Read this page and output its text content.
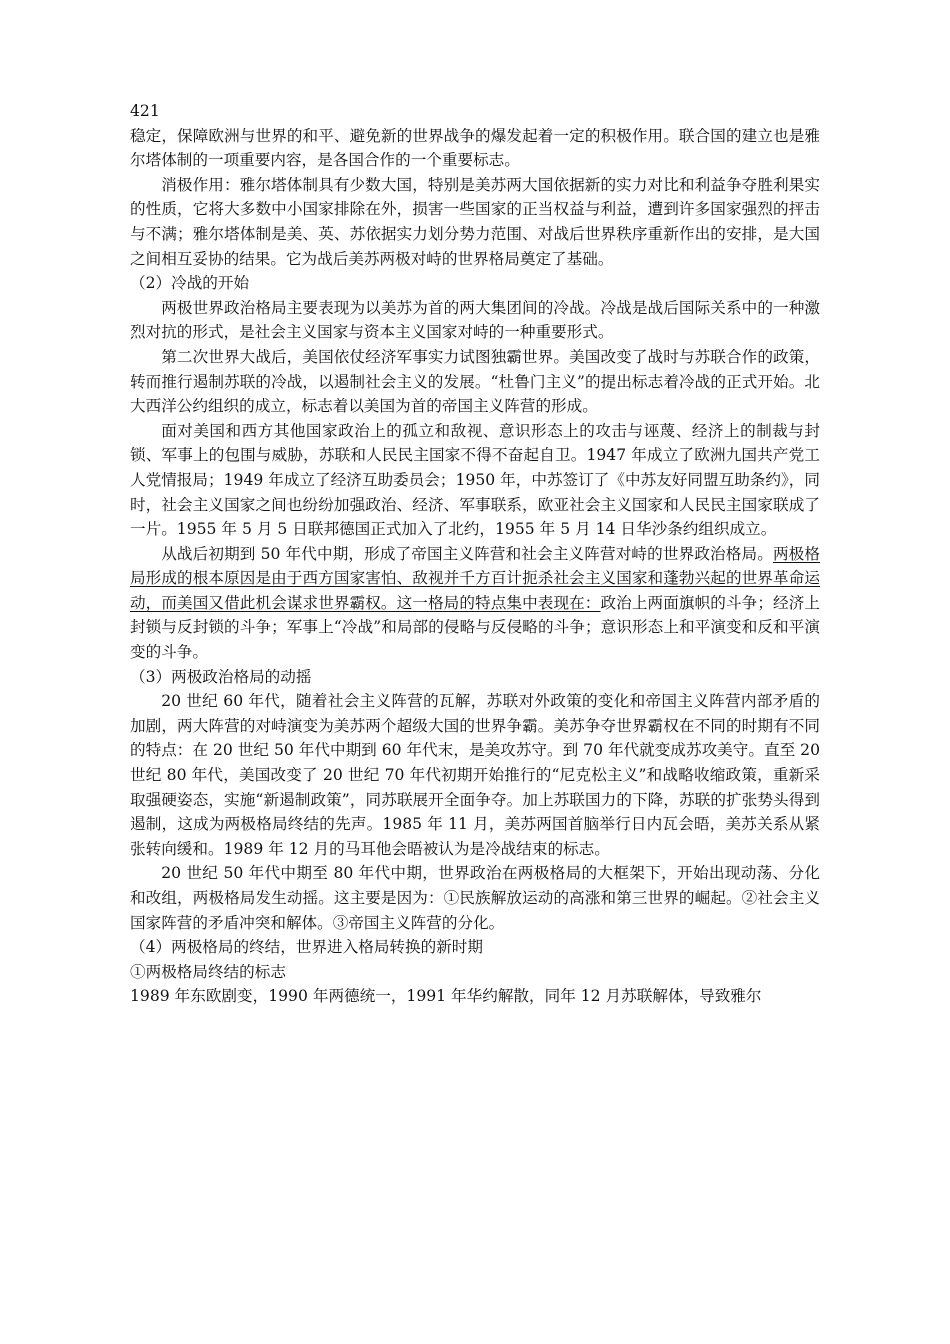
421

稳定，保障欧洲与世界的和平、避免新的世界战争的爆发起着一定的积极作用。联合国的建立也是雅尔塔体制的一项重要内容，是各国合作的一个重要标志。

消极作用：雅尔塔体制具有少数大国，特别是美苏两大国依据新的实力对比和利益争夺胜利果实的性质，它将大多数中小国家排除在外，损害一些国家的正当权益与利益，遭到许多国家强烈的抨击与不满；雅尔塔体制是美、英、苏依据实力划分势力范围、对战后世界秩序重新作出的安排，是大国之间相互妥协的结果。它为战后美苏两极对峙的世界格局奠定了基础。

（2）冷战的开始

两极世界政治格局主要表现为以美苏为首的两大集团间的冷战。冷战是战后国际关系中的一种激烈对抗的形式，是社会主义国家与资本主义国家对峙的一种重要形式。

第二次世界大战后，美国依仗经济军事实力试图独霸世界。美国改变了战时与苏联合作的政策，转而推行遏制苏联的冷战，以遏制社会主义的发展。“杜鲁门主义”的提出标志着冷战的正式开始。北大西洋公约组织的成立，标志着以美国为首的帝国主义阵营的形成。

面对美国和西方其他国家政治上的孤立和敌视、意识形态上的攻击与诬蔑、经济上的制裁与封锁、军事上的包围与威胁，苏联和人民民主国家不得不奋起自卫。1947 年成立了欧洲九国共产党工人党情报局；1949 年成立了经济互助委员会；1950 年，中苏签订了《中苏友好同盟互助条约》，同时，社会主义国家之间也纷纷加强政治、经济、军事联系，欧亚社会主义国家和人民民主国家联成了一片。1955 年 5 月 5 日联邦德国正式加入了北约，1955 年 5 月 14 日华沙条约组织成立。

从战后初期到 50 年代中期，形成了帝国主义阵营和社会主义阵营对峙的世界政治格局。两极格局形成的根本原因是由于西方国家害怕、敌视并千方百计扼杀社会主义国家和蓬勃兴起的世界革命运动，而美国又借此机会谋求世界霸权。这一格局的特点集中表现在：政治上两面旗帜的斗争；经济上封锁与反封锁的斗争；军事上“冷战”和局部的侵略与反侵略的斗争；意识形态上和平演变和反和平演变的斗争。

（3）两极政治格局的动摇

20 世纪 60 年代，随着社会主义阵营的瓦解，苏联对外政策的变化和帝国主义阵营内部矛盾的加剧，两大阵营的对峙演变为美苏两个超级大国的世界争霸。美苏争夺世界霸权在不同的时期有不同的特点：在 20 世纪 50 年代中期到 60 年代末，是美攻苏守。到 70 年代就变成苏攻美守。直至 20 世纪 80 年代，美国改变了 20 世纪 70 年代初期开始推行的“尼克松主义”和战略收缩政策，重新采取强硬姿态，实施“新遏制政策”，同苏联展开全面争夺。加上苏联国力的下降，苏联的扩张势头得到遏制，这成为两极格局终结的先声。1985 年 11 月，美苏两国首脑举行日内瓦会晤，美苏关系从紧张转向缓和。1989 年 12 月的马耳他会晤被认为是冷战结束的标志。

20 世纪 50 年代中期至 80 年代中期，世界政治在两极格局的大框架下，开始出现动荡、分化和改组，两极格局发生动摇。这主要是因为：①民族解放运动的高涨和第三世界的崛起。②社会主义国家阵营的矛盾冲突和解体。③帝国主义阵营的分化。

（4）两极格局的终结，世界进入格局转换的新时期

①两极格局终结的标志

1989 年东欧剧变，1990 年两德统一，1991 年华约解散，同年 12 月苏联解体，导致雅尔
